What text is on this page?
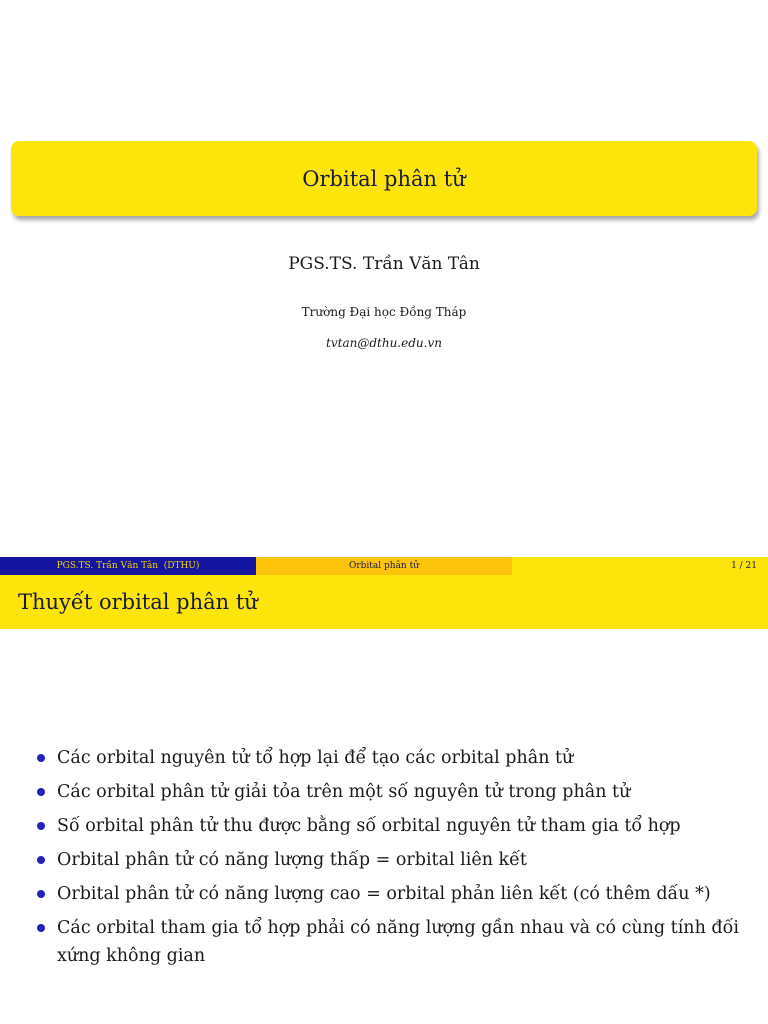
Orbital phân tử
PGS.TS. Trần Văn Tân
Trường Đại học Đồng Tháp
tvtan@dthu.edu.vn
PGS.TS. Trần Văn Tân  (DTHU)	Orbital phân tử	1 / 21
Thuyết orbital phân tử
Các orbital nguyên tử tổ hợp lại để tạo các orbital phân tử
Các orbital phân tử giải tỏa trên một số nguyên tử trong phân tử
Số orbital phân tử thu được bằng số orbital nguyên tử tham gia tổ hợp
Orbital phân tử có năng lượng thấp = orbital liên kết
Orbital phân tử có năng lượng cao = orbital phản liên kết (có thêm dấu *)
Các orbital tham gia tổ hợp phải có năng lượng gần nhau và có cùng tính đối xứng không gian
